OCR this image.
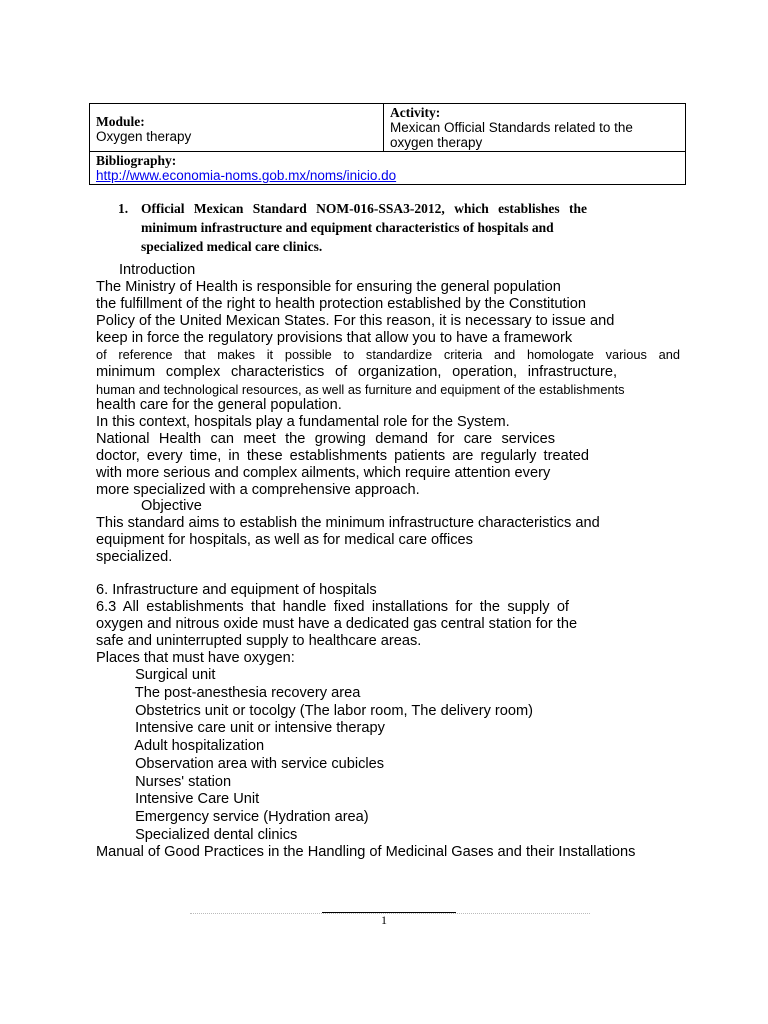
Module:
Oxygen therapy

Activity:
Mexican Official Standards related to the
oxygen therapy

Bibliography:
http://www.economia-noms.gob.mx/noms/inicio.do
1. Official Mexican Standard NOM-016-SSA3-2012, which establishes the
minimum infrastructure and equipment characteristics of hospitals and
specialized medical care clinics.
Introduction
The Ministry of Health is responsible for ensuring the general population
the fulfillment of the right to health protection established by the Constitution
Policy of the United Mexican States. For this reason, it is necessary to issue and
keep in force the regulatory provisions that allow you to have a framework
of reference that makes it possible to standardize criteria and homologate various and
minimum complex characteristics of organization, operation, infrastructure,
human and technological resources, as well as furniture and equipment of the establishments
health care for the general population.
In this context, hospitals play a fundamental role for the System.
National Health can meet the growing demand for care services
doctor, every time, in these establishments patients are regularly treated
with more serious and complex ailments, which require attention every
more specialized with a comprehensive approach.
Objective
This standard aims to establish the minimum infrastructure characteristics and
equipment for hospitals, as well as for medical care offices
specialized.
6. Infrastructure and equipment of hospitals
6.3 All establishments that handle fixed installations for the supply of
oxygen and nitrous oxide must have a dedicated gas central station for the
safe and uninterrupted supply to healthcare areas.
Places that must have oxygen:
Surgical unit
The post-anesthesia recovery area
Obstetrics unit or tocolgy (The labor room, The delivery room)
Intensive care unit or intensive therapy
Adult hospitalization
Observation area with service cubicles
Nurses' station
Intensive Care Unit
Emergency service (Hydration area)
Specialized dental clinics
Manual of Good Practices in the Handling of Medicinal Gases and their Installations
1
